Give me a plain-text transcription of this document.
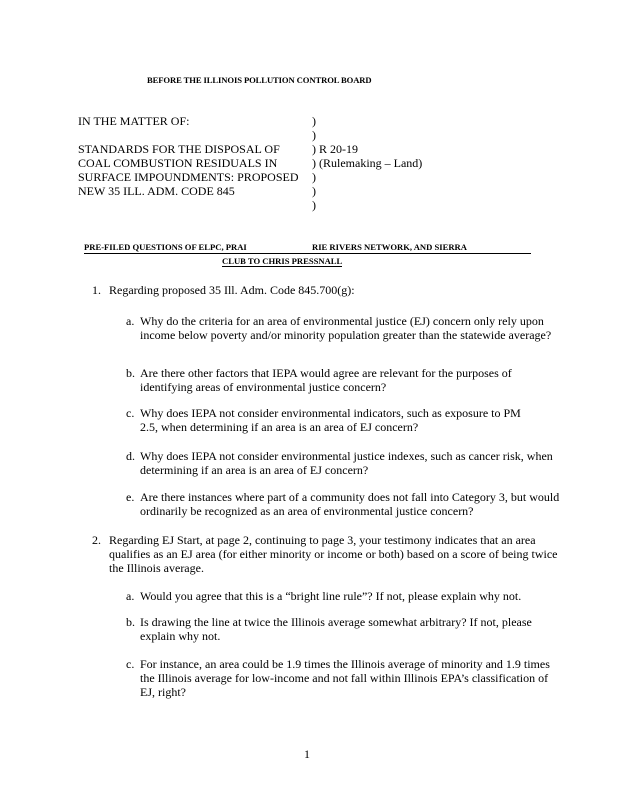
BEFORE THE ILLINOIS POLLUTION CONTROL BOARD
IN THE MATTER OF:
STANDARDS FOR THE DISPOSAL OF
COAL COMBUSTION RESIDUALS IN
SURFACE IMPOUNDMENTS: PROPOSED
NEW 35 ILL. ADM. CODE 845
)
)
) R 20-19
) (Rulemaking – Land)
)
)
)
PRE-FILED QUESTIONS OF ELPC, PRAI	RIE RIVERS NETWORK, AND SIERRA
CLUB TO CHRIS PRESSNALL
1. Regarding proposed 35 Ill. Adm. Code 845.700(g):
a. Why do the criteria for an area of environmental justice (EJ) concern only rely upon income below poverty and/or minority population greater than the statewide average?
b. Are there other factors that IEPA would agree are relevant for the purposes of identifying areas of environmental justice concern?
c. Why does IEPA not consider environmental indicators, such as exposure to PM 2.5, when determining if an area is an area of EJ concern?
d. Why does IEPA not consider environmental justice indexes, such as cancer risk, when determining if an area is an area of EJ concern?
e. Are there instances where part of a community does not fall into Category 3, but would ordinarily be recognized as an area of environmental justice concern?
2. Regarding EJ Start, at page 2, continuing to page 3, your testimony indicates that an area qualifies as an EJ area (for either minority or income or both) based on a score of being twice the Illinois average.
a. Would you agree that this is a “bright line rule”? If not, please explain why not.
b. Is drawing the line at twice the Illinois average somewhat arbitrary? If not, please explain why not.
c. For instance, an area could be 1.9 times the Illinois average of minority and 1.9 times the Illinois average for low-income and not fall within Illinois EPA’s classification of EJ, right?
1
